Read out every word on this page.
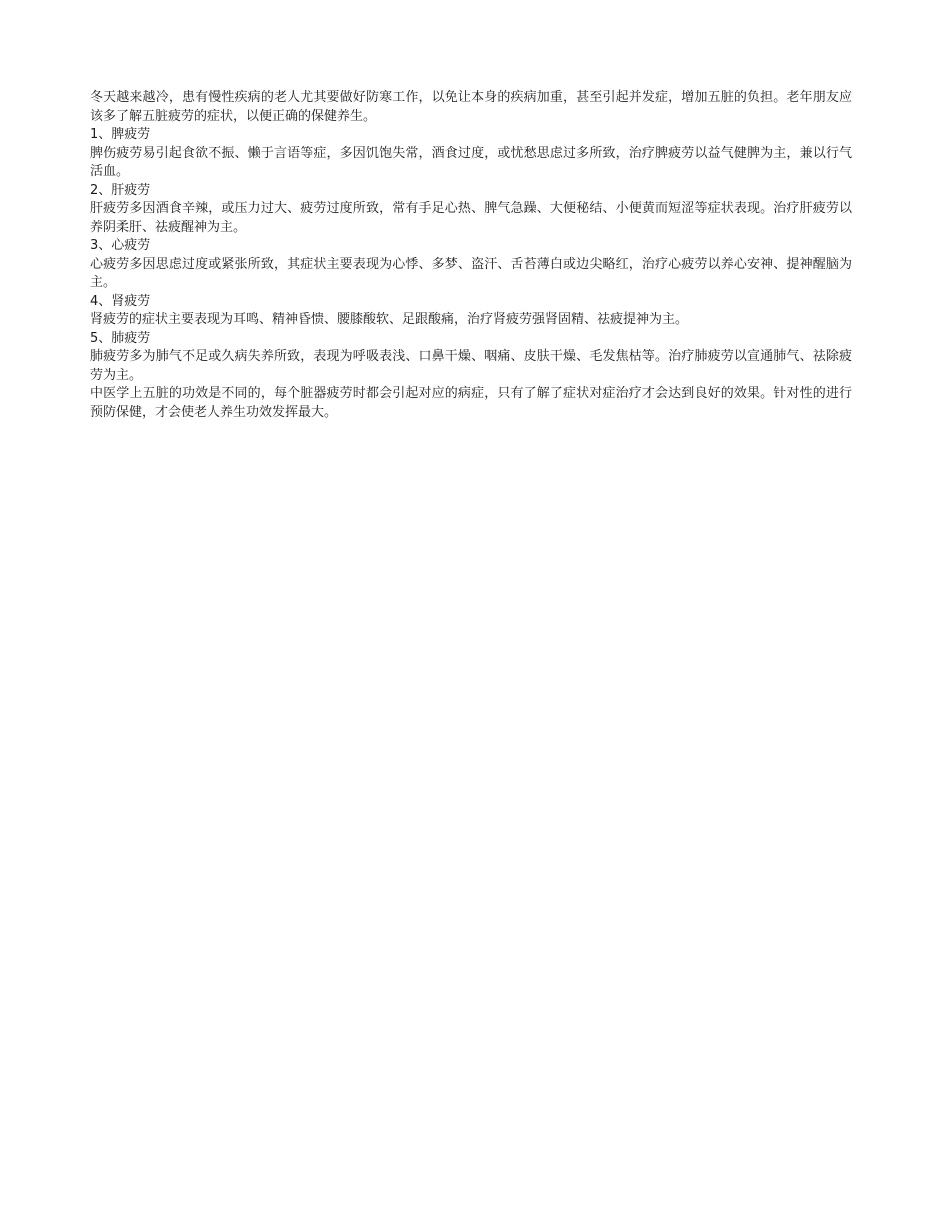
冬天越来越冷，患有慢性疾病的老人尤其要做好防寒工作，以免让本身的疾病加重，甚至引起并发症，增加五脏的负担。老年朋友应该多了解五脏疲劳的症状，以便正确的保健养生。

1、脾疲劳

脾伤疲劳易引起食欲不振、懒于言语等症，多因饥饱失常，酒食过度，或忧愁思虑过多所致，治疗脾疲劳以益气健脾为主，兼以行气活血。

2、肝疲劳

肝疲劳多因酒食辛辣，或压力过大、疲劳过度所致，常有手足心热、脾气急躁、大便秘结、小便黄而短涩等症状表现。治疗肝疲劳以养阴柔肝、祛疲醒神为主。

3、心疲劳

心疲劳多因思虑过度或紧张所致，其症状主要表现为心悸、多梦、盗汗、舌苔薄白或边尖略红，治疗心疲劳以养心安神、提神醒脑为主。

4、肾疲劳

肾疲劳的症状主要表现为耳鸣、精神昏愦、腰膝酸软、足跟酸痛，治疗肾疲劳强肾固精、祛疲提神为主。

5、肺疲劳

肺疲劳多为肺气不足或久病失养所致，表现为呼吸表浅、口鼻干燥、咽痛、皮肤干燥、毛发焦枯等。治疗肺疲劳以宣通肺气、祛除疲劳为主。

中医学上五脏的功效是不同的，每个脏器疲劳时都会引起对应的病症，只有了解了症状对症治疗才会达到良好的效果。针对性的进行预防保健，才会使老人养生功效发挥最大。
